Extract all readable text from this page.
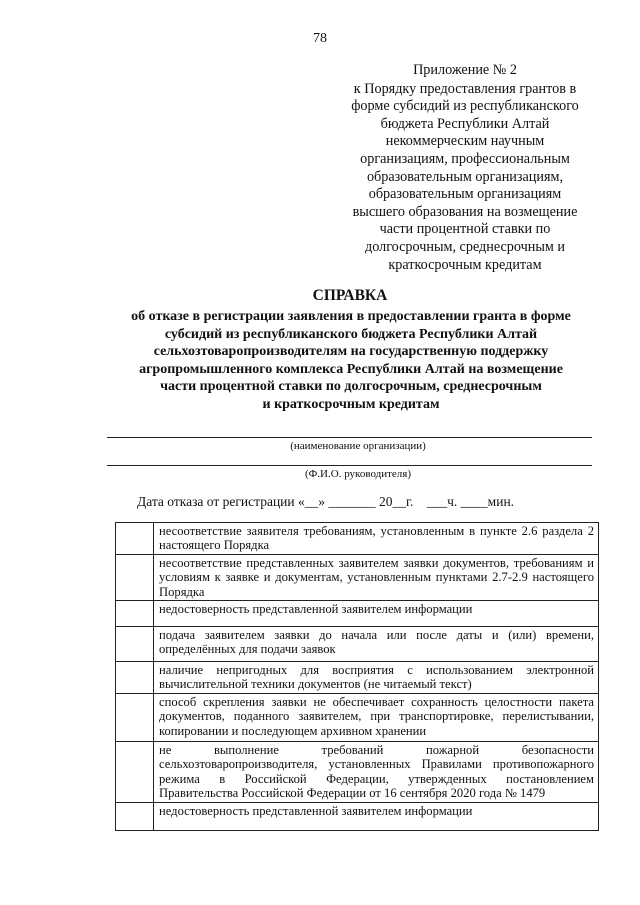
78
Приложение № 2
к Порядку предоставления грантов в
форме субсидий из республиканского
бюджета Республики Алтай
некоммерческим научным
организациям, профессиональным
образовательным организациям,
образовательным организациям
высшего образования на возмещение
части процентной ставки по
долгосрочным, среднесрочным и
краткосрочным кредитам
СПРАВКА
об отказе в регистрации заявления в предоставлении гранта в форме
субсидий из республиканского бюджета Республики Алтай
сельхозтоваропроизводителям на государственную поддержку
агропромышленного комплекса Республики Алтай на возмещение
части процентной ставки по долгосрочным, среднесрочным
и краткосрочным кредитам
(наименование организации)
(Ф.И.О. руководителя)
Дата отказа от регистрации «__» _______ 20__г.    ___ч. ____мин.
	несоответствие заявителя требованиям, установленным в пункте 2.6 раздела 2 настоящего Порядка
	несоответствие представленных заявителем заявки документов, требованиям и условиям к заявке и документам, установленным пунктами 2.7-2.9 настоящего Порядка
	недостоверность представленной заявителем информации
	подача заявителем заявки до начала или после даты и (или) времени, определённых для подачи заявок
	наличие непригодных для восприятия с использованием электронной вычислительной техники документов (не читаемый текст)
	способ скрепления заявки не обеспечивает сохранность целостности пакета документов, поданного заявителем, при транспортировке, перелистывании, копировании и последующем архивном хранении
	не выполнение требований пожарной безопасности сельхозтоваропроизводителя, установленных Правилами противопожарного режима в Российской Федерации, утвержденных постановлением Правительства Российской Федерации от 16 сентября 2020 года № 1479
	недостоверность представленной заявителем информации
